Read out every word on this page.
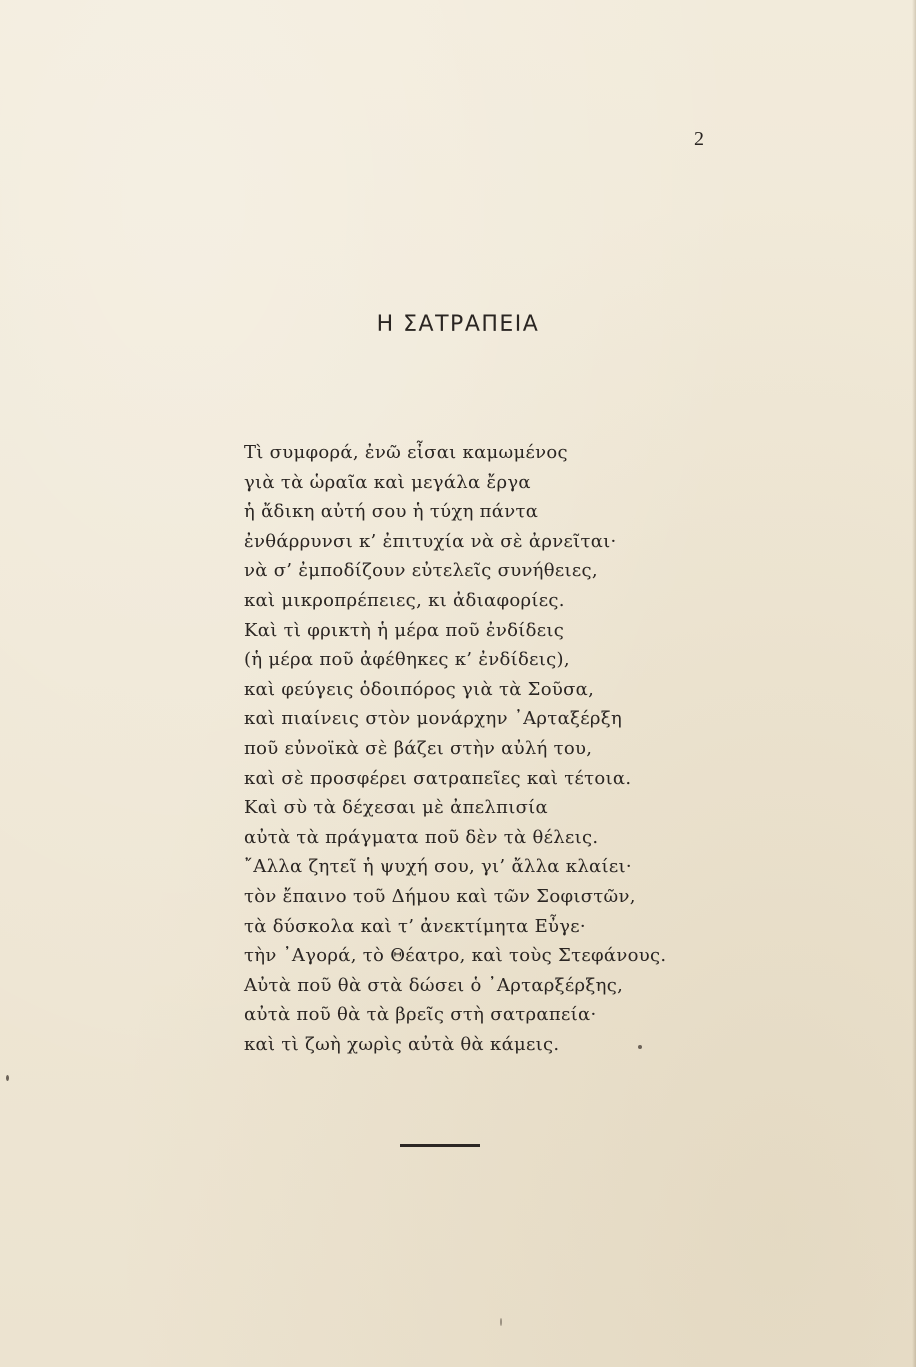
2
Η ΣΑΤΡΑΠΕΙΑ
Τὶ συμφορά, ἐνῶ εἶσαι καμωμένος
γιὰ τὰ ὡραῖα καὶ μεγάλα ἔργα
ἡ ἄδικη αὐτή σου ἡ τύχη πάντα
ἐνθάρρυνσι κ’ ἐπιτυχία νὰ σὲ ἀρνεῖται·
νὰ σ’ ἐμποδίζουν εὐτελεῖς συνήθειες,
καὶ μικροπρέπειες, κι ἀδιαφορίες.
Καὶ τὶ φρικτὴ ἡ μέρα ποῦ ἐνδίδεις
(ἡ μέρα ποῦ ἀφέθηκες κ’ ἐνδίδεις),
καὶ φεύγεις ὁδοιπόρος γιὰ τὰ Σοῦσα,
καὶ πιαίνεις στὸν μονάρχην ᾿Αρταξέρξη
ποῦ εὐνοϊκὰ σὲ βάζει στὴν αὐλή του,
καὶ σὲ προσφέρει σατραπεῖες καὶ τέτοια.
Καὶ σὺ τὰ δέχεσαι μὲ ἀπελπισία
αὐτὰ τὰ πράγματα ποῦ δὲν τὰ θέλεις.
῎Αλλα ζητεῖ ἡ ψυχή σου, γι’ ἄλλα κλαίει·
τὸν ἔπαινο τοῦ Δήμου καὶ τῶν Σοφιστῶν,
τὰ δύσκολα καὶ τ’ ἀνεκτίμητα Εὖγε·
τὴν ᾿Αγορά, τὸ Θέατρο, καὶ τοὺς Στεφάνους.
Αὐτὰ ποῦ θὰ στὰ δώσει ὁ ᾿Αρταρξέρξης,
αὐτὰ ποῦ θὰ τὰ βρεῖς στὴ σατραπεία·
καὶ τὶ ζωὴ χωρὶς αὐτὰ θὰ κάμεις.
